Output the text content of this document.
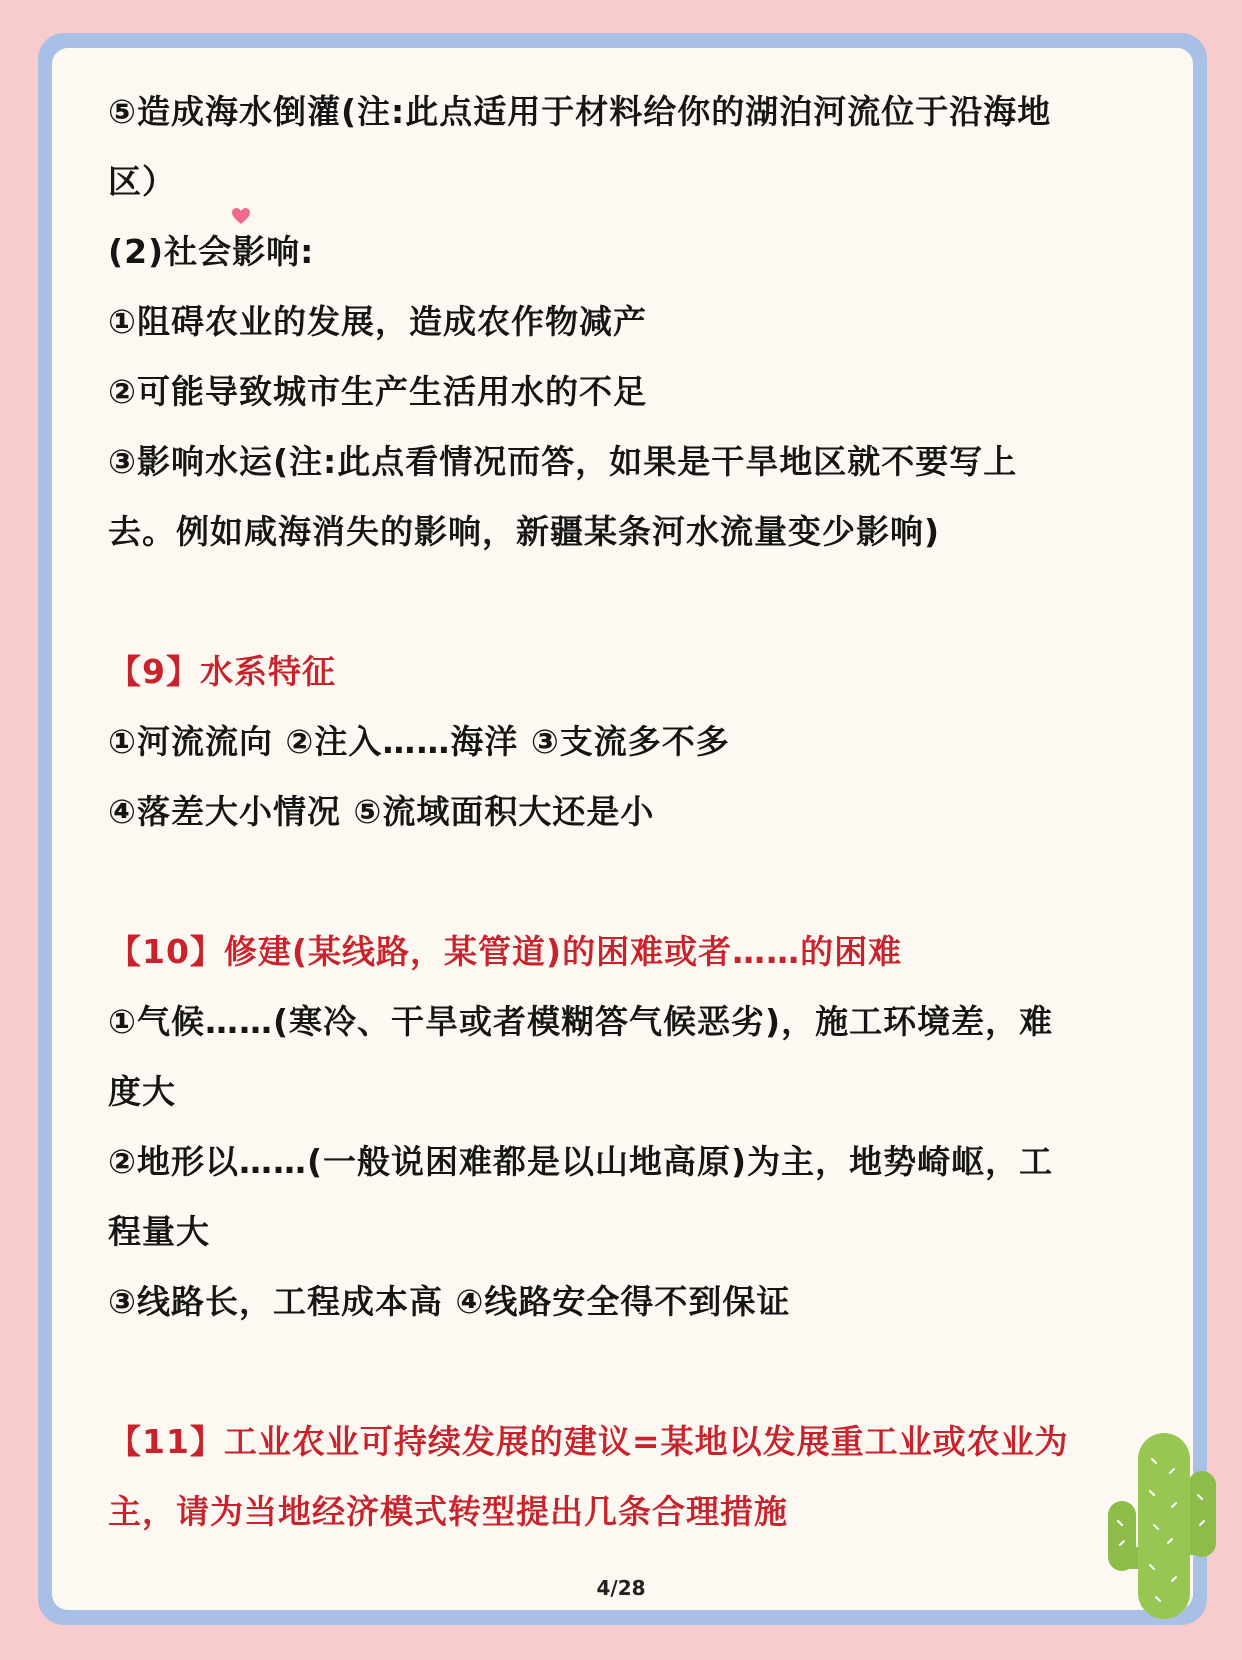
⑤造成海水倒灌(注:此点适用于材料给你的湖泊河流位于沿海地

区）

(2)社会影响:

①阻碍农业的发展，造成农作物减产

②可能导致城市生产生活用水的不足

③影响水运(注:此点看情况而答，如果是干旱地区就不要写上

去。例如咸海消失的影响，新疆某条河水流量变少影响)

【9】水系特征

①河流流向 ②注入……海洋 ③支流多不多

④落差大小情况 ⑤流域面积大还是小

【10】修建(某线路，某管道)的困难或者……的困难

①气候……(寒冷、干旱或者模糊答气候恶劣)，施工环境差，难

度大

②地形以……(一般说困难都是以山地高原)为主，地势崎岖，工

程量大

③线路长，工程成本高 ④线路安全得不到保证

【11】工业农业可持续发展的建议=某地以发展重工业或农业为

主，请为当地经济模式转型提出几条合理措施

4/28
